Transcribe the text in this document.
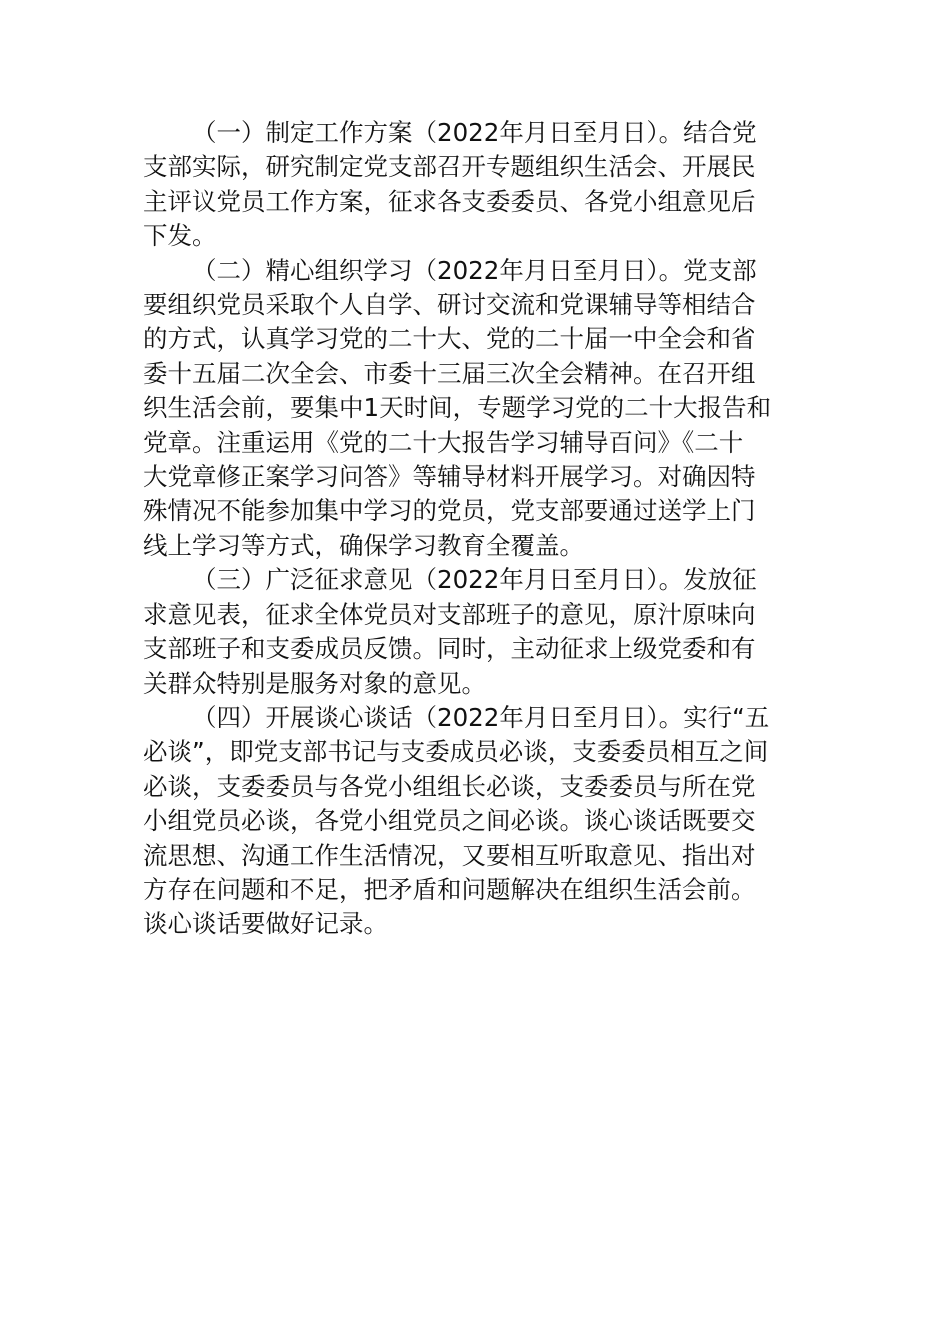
（一）制定工作方案（2022年月日至月日）。结合党
支部实际，研究制定党支部召开专题组织生活会、开展民
主评议党员工作方案，征求各支委委员、各党小组意见后
下发。
（二）精心组织学习（2022年月日至月日）。党支部
要组织党员采取个人自学、研讨交流和党课辅导等相结合
的方式，认真学习党的二十大、党的二十届一中全会和省
委十五届二次全会、市委十三届三次全会精神。在召开组
织生活会前，要集中1天时间，专题学习党的二十大报告和
党章。注重运用《党的二十大报告学习辅导百问》《二十
大党章修正案学习问答》等辅导材料开展学习。对确因特
殊情况不能参加集中学习的党员，党支部要通过送学上门
线上学习等方式，确保学习教育全覆盖。
（三）广泛征求意见（2022年月日至月日）。发放征
求意见表，征求全体党员对支部班子的意见，原汁原味向
支部班子和支委成员反馈。同时，主动征求上级党委和有
关群众特别是服务对象的意见。
（四）开展谈心谈话（2022年月日至月日）。实行“五
必谈”，即党支部书记与支委成员必谈，支委委员相互之间
必谈，支委委员与各党小组组长必谈，支委委员与所在党
小组党员必谈，各党小组党员之间必谈。谈心谈话既要交
流思想、沟通工作生活情况，又要相互听取意见、指出对
方存在问题和不足，把矛盾和问题解决在组织生活会前。
谈心谈话要做好记录。
